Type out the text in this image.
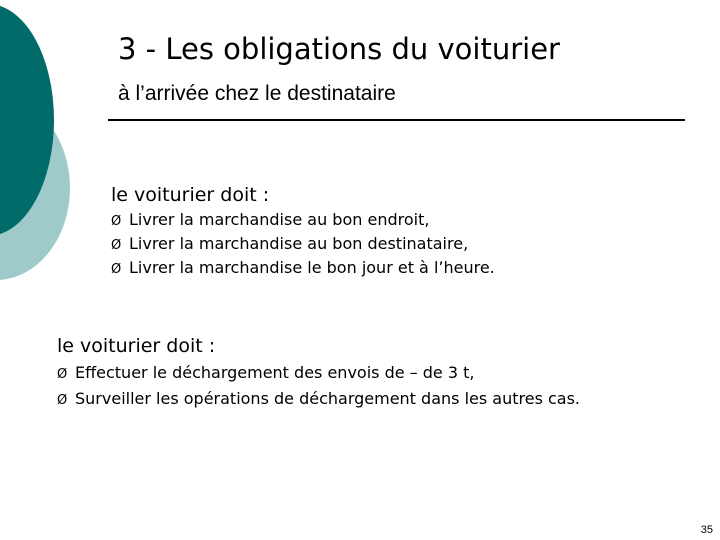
3 - Les obligations du voiturier
à l’arrivée chez le destinataire
le voiturier doit :
Ø Livrer la marchandise au bon endroit,
Ø Livrer la marchandise au bon destinataire,
Ø Livrer la marchandise le bon jour et à l’heure.
le voiturier doit :
Ø Effectuer le déchargement des envois de – de 3 t,
Ø Surveiller les opérations de déchargement dans les autres cas.
35
